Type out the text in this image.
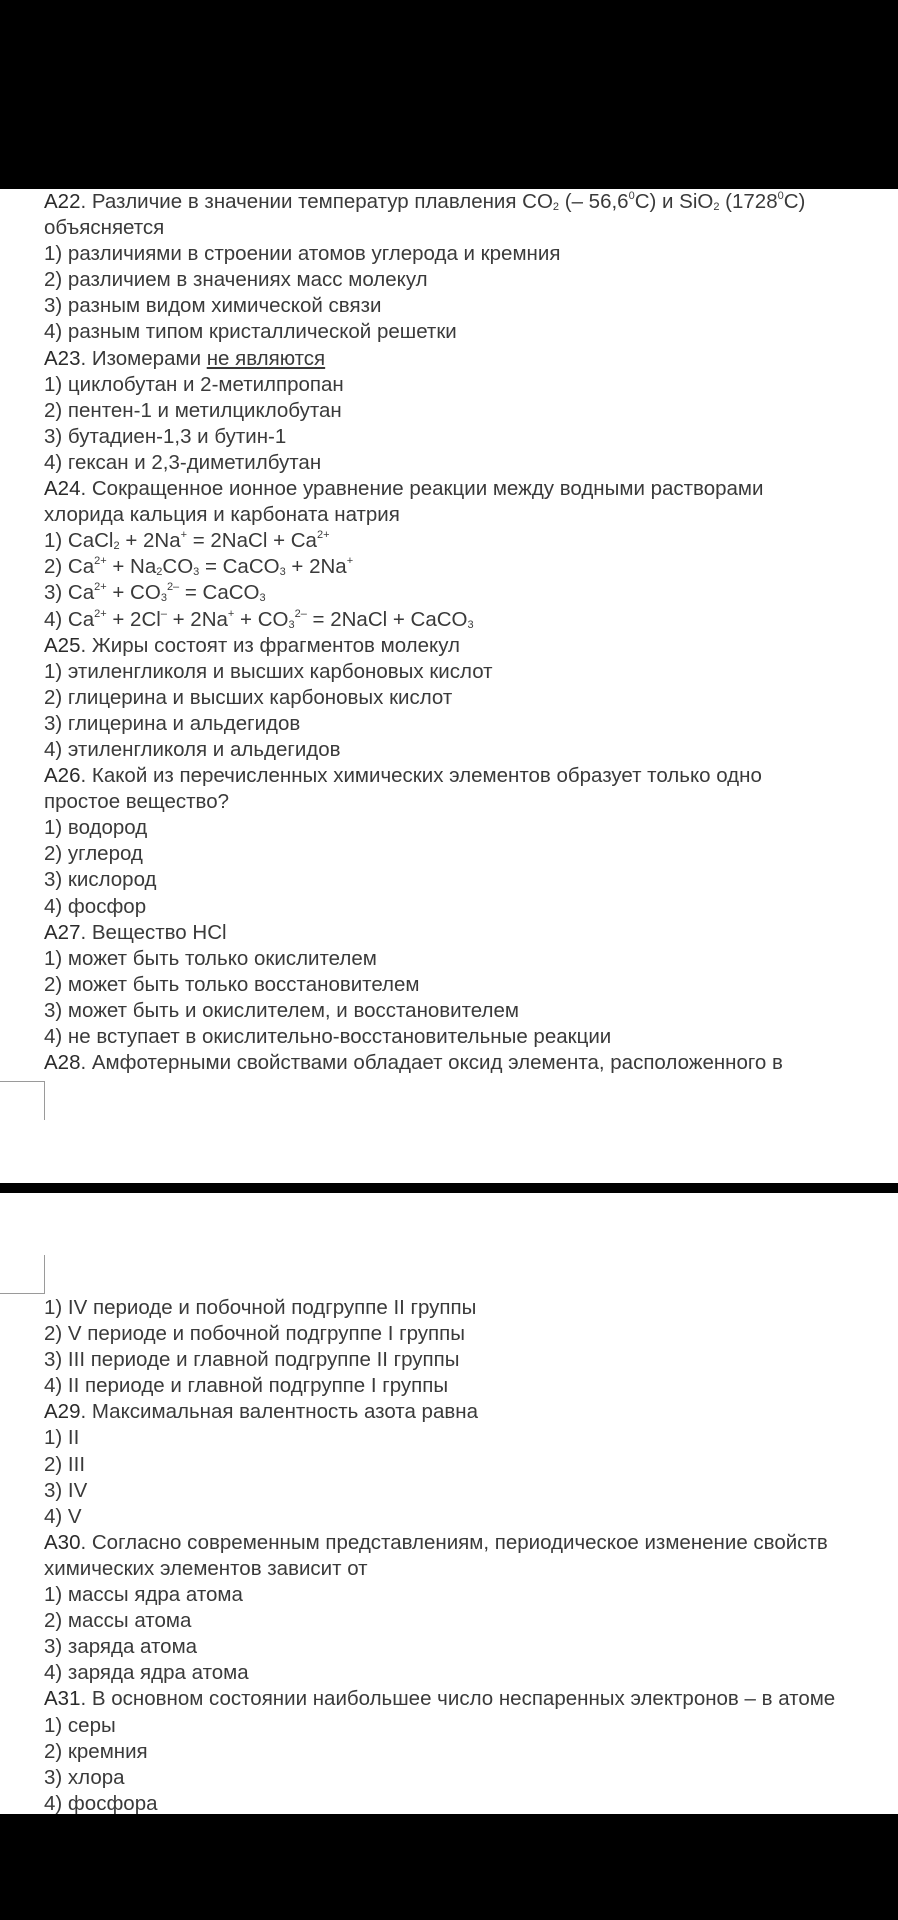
A22. Различие в значении температур плавления $CO_2$ (– 56,6$^0$C) и SiO$_2$ (1728$^0$C)
объясняется
1) различиями в строении атомов углерода и кремния
2) различием в значениях масс молекул
3) разным видом химической связи
4) разным типом кристаллической решетки
A23. Изомерами не являются
1) циклобутан и 2-метилпропан
2) пентен-1 и метилциклобутан
3) бутадиен-1,3 и бутин-1
4) гексан и 2,3-диметилбутан
A24. Сокращенное ионное уравнение реакции между водными растворами
хлорида кальция и карбоната натрия
1) CaCl$_2$ + 2Na+ = 2NaCl + $Ca^{2+}$
2) $Ca^{2+} + Na_2CO_3$ = CaCO$_3$ + 2Na+
3) $Ca^{2+} + CO_3^{2-}$ = CaCO$_3$
4) $Ca^{2+} + 2Cl^- + 2Na^+ + CO_3^{2-}$ = 2NaCl + CaCO$_3$
A25. Жиры состоят из фрагментов молекул
1) этиленгликоля и высших карбоновых кислот
2) глицерина и высших карбоновых кислот
3) глицерина и альдегидов
4) этиленгликоля и альдегидов
A26. Какой из перечисленных химических элементов образует только одно
простое вещество?
1) водород
2) углерод
3) кислород
4) фосфор
A27. Вещество HCl
1) может быть только окислителем
2) может быть только восстановителем
3) может быть и окислителем, и восстановителем
4) не вступает в окислительно-восстановительные реакции
A28. Амфотерными свойствами обладает оксид элемента, расположенного в
1) IV периоде и побочной подгруппе II группы
2) V периоде и побочной подгруппе I группы
3) III периоде и главной подгруппе II группы
4) II периоде и главной подгруппе I группы
A29. Максимальная валентность азота равна
1) II
2) III
3) IV
4) V
A30. Согласно современным представлениям, периодическое изменение свойств
химических элементов зависит от
1) массы ядра атома
2) массы атома
3) заряда атома
4) заряда ядра атома
A31. В основном состоянии наибольшее число неспаренных электронов – в атоме
1) серы
2) кремния
3) хлора
4) фосфора
